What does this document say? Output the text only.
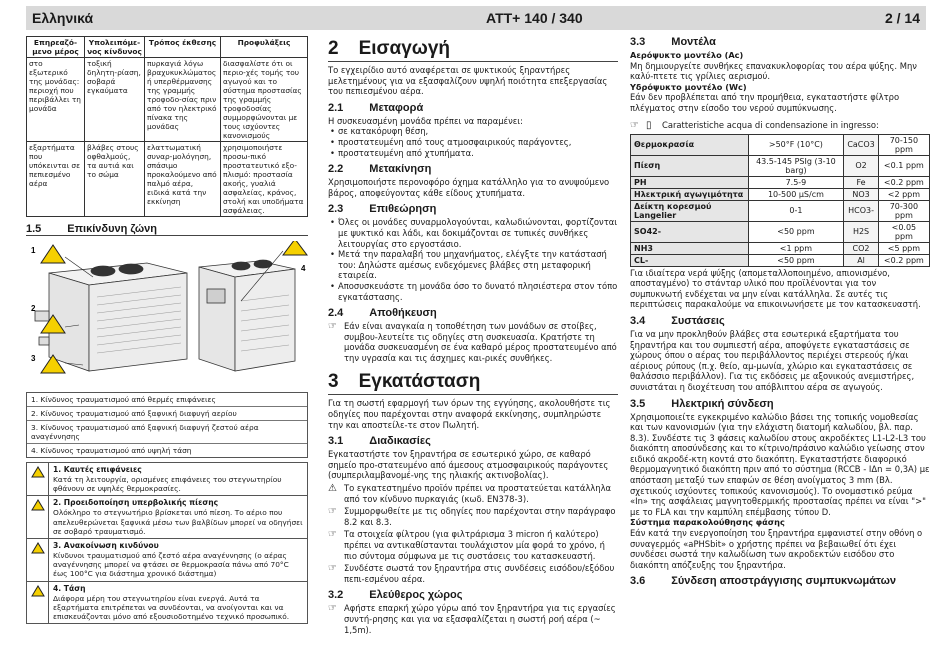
Ελληνικά	ATT+ 140 / 340	2 / 14
Επηρεαζό-μενο μέρος	Υπολειπόμε-νος κίνδυνος	Τρόπος έκθεσης	Προφυλάξεις
στο εξωτερικό της μονάδας: περιοχή που περιβάλλει τη μονάδα	τοξική δηλητη-ρίαση, σοβαρά εγκαύματα	πυρκαγιά λόγω βραχυκυκλώματος ή υπερθέρμανσης της γραμμής τροφοδο-σίας πριν από τον ηλεκτρικό πίνακα της μονάδας	διασφαλίστε ότι οι περιο-χές τομής του αγωγού και το σύστημα προστασίας της γραμμής τροφοδοσίας συμμορφώνονται με τους ισχύοντες κανονισμούς
εξαρτήματα που υπόκεινται σε πεπιεσμένο αέρα	βλάβες στους οφθαλμούς, τα αυτιά και το σώμα	ελαττωματική συναρ-μολόγηση, σπάσιμο προκαλούμενο από παλμό αέρα, ειδικά κατά την εκκίνηση	χρησιμοποιήστε προσω-πικό προστατευτικό εξο-πλισμό: προστασία ακοής, γυαλιά ασφαλείας, κράνος, στολή και υποδήματα ασφάλειας.
1.5 Επικίνδυνη ζώνη
1
2
3
4
1. Κίνδυνος τραυματισμού από θερμές επιφάνειες
2. Κίνδυνος τραυματισμού από ξαφνική διαφυγή αερίου
3. Κίνδυνος τραυματισμού από ξαφνική διαφυγή ζεστού αέρα αναγέννησης
4. Κίνδυνος τραυματισμού από υψηλή τάση
1. Καυτές επιφάνειες
Κατά τη λειτουργία, ορισμένες επιφάνειες του στεγνωτηρίου φθάνουν σε υψηλές θερμοκρασίες.
2. Προειδοποίηση υπερβολικής πίεσης
Ολόκληρο το στεγνωτήριο βρίσκεται υπό πίεση. Το αέριο που απελευθερώνεται ξαφνικά μέσω των βαλβίδων μπορεί να οδηγήσει σε σοβαρό τραυματισμό.
3. Ανακοίνωση κινδύνου
Κίνδυνοι τραυματισμού από ζεστό αέρα αναγέννησης (ο αέρας αναγέννησης μπορεί να φτάσει σε θερμοκρασία πάνω από 70°C έως 100°C για διάστημα χρονικό διάστημα)
4. Τάση
Διάφορα μέρη του στεγνωτηρίου είναι ενεργά. Αυτά τα εξαρτήματα επιτρέπεται να συνδέονται, να ανοίγονται και να επισκευάζονται μόνο από εξουσιοδοτημένο τεχνικό προσωπικό.
2 Εισαγωγή

Το εγχειρίδιο αυτό αναφέρεται σε ψυκτικούς ξηραντήρες μελετημένους για να εξασφαλίζουν υψηλή ποιότητα επεξεργασίας του πεπιεσμένου αέρα.

2.1 Μεταφορά

Η συσκευασμένη μονάδα πρέπει να παραμένει:

• σε κατακόρυφη θέση,
• προστατευμένη από τους ατμοσφαιρικούς παράγοντες,
• προστατευμένη από χτυπήματα.
2.2 Μετακίνηση

Χρησιμοποιήστε περονοφόρο όχημα κατάλληλο για το ανυψούμενο βάρος, αποφεύγοντας κάθε είδους χτυπήματα.

2.3 Επιθεώρηση
• Όλες οι μονάδες συναρμολογούνται, καλωδιώνονται, φορτίζονται με ψυκτικό και λάδι, και δοκιμάζονται σε τυπικές συνθήκες λειτουργίας στο εργοστάσιο.
• Μετά την παραλαβή του μηχανήματος, ελέγξτε την κατάστασή του: Δηλώστε αμέσως ενδεχόμενες βλάβες στη μεταφορική εταιρεία.
• Αποσυσκευάστε τη μονάδα όσο το δυνατό πλησιέστερα στον τόπο εγκατάστασης.
2.4 Αποθήκευση
☞ Εάν είναι αναγκαία η τοποθέτηση των μονάδων σε στοίβες, συμβου-λευτείτε τις οδηγίες στη συσκευασία. Κρατήστε τη μονάδα συσκευασμένη σε ένα καθαρό μέρος προστατευμένο από την υγρασία και τις άσχημες και-ρικές συνθήκες.

3 Εγκατάσταση

Για τη σωστή εφαρμογή των όρων της εγγύησης, ακολουθήστε τις οδηγίες που παρέχονται στην αναφορά εκκίνησης, συμπληρώστε την και αποστείλε-τε στον Πωλητή.

3.1 Διαδικασίες

Εγκαταστήστε τον ξηραντήρα σε εσωτερικό χώρο, σε καθαρό σημείο προ-στατευμένο από άμεσους ατμοσφαιρικούς παράγοντες (συμπεριλαμβανομέ-νης της ηλιακής ακτινοβολίας).

⚠ Το εγκατεστημένο προϊόν πρέπει να προστατεύεται κατάλληλα από τον κίνδυνο πυρκαγιάς (κωδ. EN378-3).

☞ Συμμορφωθείτε με τις οδηγίες που παρέχονται στην παράγραφο 8.2 και 8.3.

☞ Τα στοιχεία φίλτρου (για φιλτράρισμα 3 micron ή καλύτερο) πρέπει να αντικαθίστανται τουλάχιστον μία φορά το χρόνο, ή πιο σύντομα σύμφωνα με τις συστάσεις του κατασκευαστή.

☞ Συνδέστε σωστά τον ξηραντήρα στις συνδέσεις εισόδου/εξόδου πεπι-εσμένου αέρα.

3.2 Ελεύθερος χώρος
☞ Αφήστε επαρκή χώρο γύρω από τον ξηραντήρα για τις εργασίες συντή-ρησης και για να εξασφαλίζεται η σωστή ροή αέρα (~ 1,5m).

3.3 Μοντέλα

Αερόψυκτο μοντέλο (Ac)

Μη δημιουργείτε συνθήκες επανακυκλοφορίας του αέρα ψύξης. Μην καλύ-πτετε τις γρίλιες αερισμού.

Υδρόψυκτο μοντέλο (Wc)

Εάν δεν προβλέπεται από την προμήθεια, εγκαταστήστε φίλτρο πλέγματος στην είσοδο του νερού συμπύκνωσης.

☞ ▯	Caratteristiche acqua di condensazione in ingresso:

Θερμοκρασία	>50°F (10°C)	CaCO3	70-150 ppm
Πίεση	43.5-145 PSIg (3-10 barg)	O2	<0.1 ppm
PH	7.5-9	Fe	<0.2 ppm
Ηλεκτρική αγωγιμότητα	10-500 μS/cm	NO3	<2 ppm
Δείκτη κορεσμού Langelier	0-1	HCO3-	70-300 ppm
SO42-	<50 ppm	H2S	<0.05 ppm
NH3	<1 ppm	CO2	<5 ppm
CL-	<50 ppm	Al	<0.2 ppm

Για ιδιαίτερα νερά ψύξης (απομεταλλοποιημένο, απιονισμένο, αποσταγμένο) το στάνταρ υλικό που προϊλένονται για τον συμπυκνωτή ενδέχεται να μην είναι κατάλληλα. Σε αυτές τις περιπτώσεις παρακαλούμε να επικοινωνήσετε με τον κατασκευαστή.

3.4 Συστάσεις

Για να μην προκληθούν βλάβες στα εσωτερικά εξαρτήματα του ξηραντήρα και του συμπιεστή αέρα, αποφύγετε εγκαταστάσεις σε χώρους όπου ο αέρας του περιβάλλοντος περιέχει στερεούς ή/και αέριους ρύπους (π.χ. θείο, αμ-μωνία, χλώριο και εγκαταστάσεις σε θαλάσσιο περιβάλλον). Για τις εκδόσεις με αξονικούς ανεμιστήρες, συνιστάται η διοχέτευση του απόβλιπτου αέρα σε αγωγούς.

3.5 Ηλεκτρική σύνδεση

Χρησιμοποιείτε εγκεκριμένο καλώδιο βάσει της τοπικής νομοθεσίας και των κανονισμών (για την ελάχιστη διατομή καλωδίου, βλ. παρ. 8.3). Συνδέστε τις 3 φάσεις καλωδίου στους ακροδέκτες L1-L2-L3 του διακόπτη αποσύνδεσης και το κίτρινο/πράσινο καλώδιο γείωσης στον ειδικό ακροδέ-κτη κοντά στο διακόπτη. Εγκαταστήστε διαφορικό θερμομαγνητικό διακόπτη πριν από το σύστημα (RCCB - IΔn = 0,3A) με απόσταση μεταξύ των επαφών σε θέση ανοίγματος 3 mm (Βλ. σχετικούς ισχύοντες τοπικούς κανονισμούς). Το ονομαστικό ρεύμα «In» της ασφάλειας μαγνητοθερμικής προστασίας πρέπει να είναι ">" με το FLA και την καμπύλη επέμβασης τύπου D.

Σύστημα παρακολούθησης φάσης

Εάν κατά την ενεργοποίηση του ξηραντήρα εμφανιστεί στην οθόνη ο συναγερμός «aPHSbit» ο χρήστης πρέπει να βεβαιωθεί ότι έχει συνδέσει σωστά την καλωδίωση των ακροδεκτών εισόδου στο διακόπτη απόζευξης του ξηραντήρα.

3.6 Σύνδεση αποστράγγισης συμπυκνωμάτων
